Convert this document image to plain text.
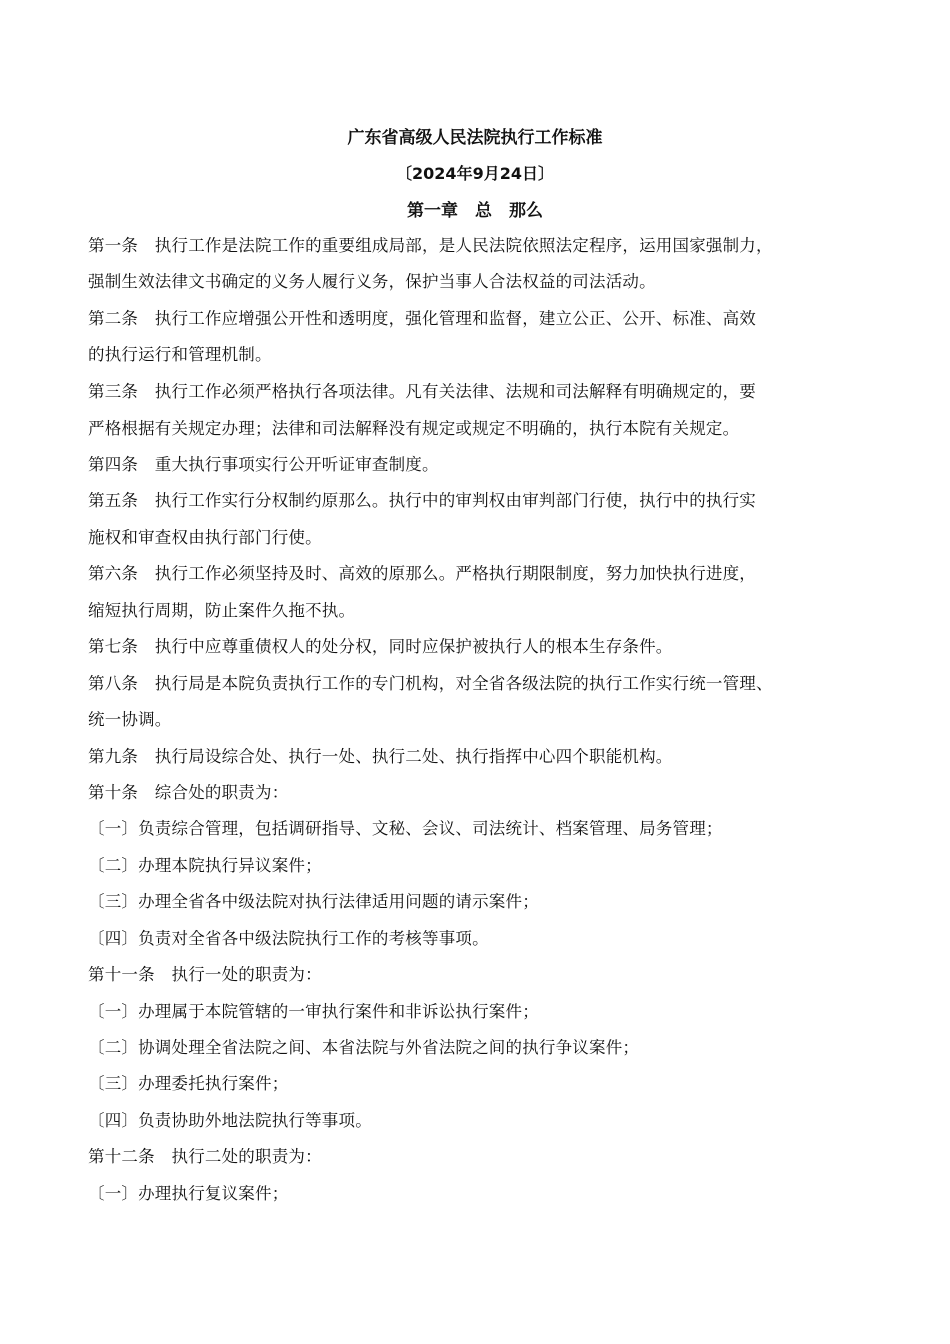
广东省高级人民法院执行工作标准
〔2024年9月24日〕
第一章　总　那么
第一条　执行工作是法院工作的重要组成局部，是人民法院依照法定程序，运用国家强制力，
强制生效法律文书确定的义务人履行义务，保护当事人合法权益的司法活动。
第二条　执行工作应增强公开性和透明度，强化管理和监督，建立公正、公开、标准、高效
的执行运行和管理机制。
第三条　执行工作必须严格执行各项法律。凡有关法律、法规和司法解释有明确规定的，要
严格根据有关规定办理；法律和司法解释没有规定或规定不明确的，执行本院有关规定。
第四条　重大执行事项实行公开听证审查制度。
第五条　执行工作实行分权制约原那么。执行中的审判权由审判部门行使，执行中的执行实
施权和审查权由执行部门行使。
第六条　执行工作必须坚持及时、高效的原那么。严格执行期限制度，努力加快执行进度，
缩短执行周期，防止案件久拖不执。
第七条　执行中应尊重债权人的处分权，同时应保护被执行人的根本生存条件。
第八条　执行局是本院负责执行工作的专门机构，对全省各级法院的执行工作实行统一管理、
统一协调。
第九条　执行局设综合处、执行一处、执行二处、执行指挥中心四个职能机构。
第十条　综合处的职责为：
〔一〕负责综合管理，包括调研指导、文秘、会议、司法统计、档案管理、局务管理；
〔二〕办理本院执行异议案件；
〔三〕办理全省各中级法院对执行法律适用问题的请示案件；
〔四〕负责对全省各中级法院执行工作的考核等事项。
第十一条　执行一处的职责为：
〔一〕办理属于本院管辖的一审执行案件和非诉讼执行案件；
〔二〕协调处理全省法院之间、本省法院与外省法院之间的执行争议案件；
〔三〕办理委托执行案件；
〔四〕负责协助外地法院执行等事项。
第十二条　执行二处的职责为：
〔一〕办理执行复议案件；
